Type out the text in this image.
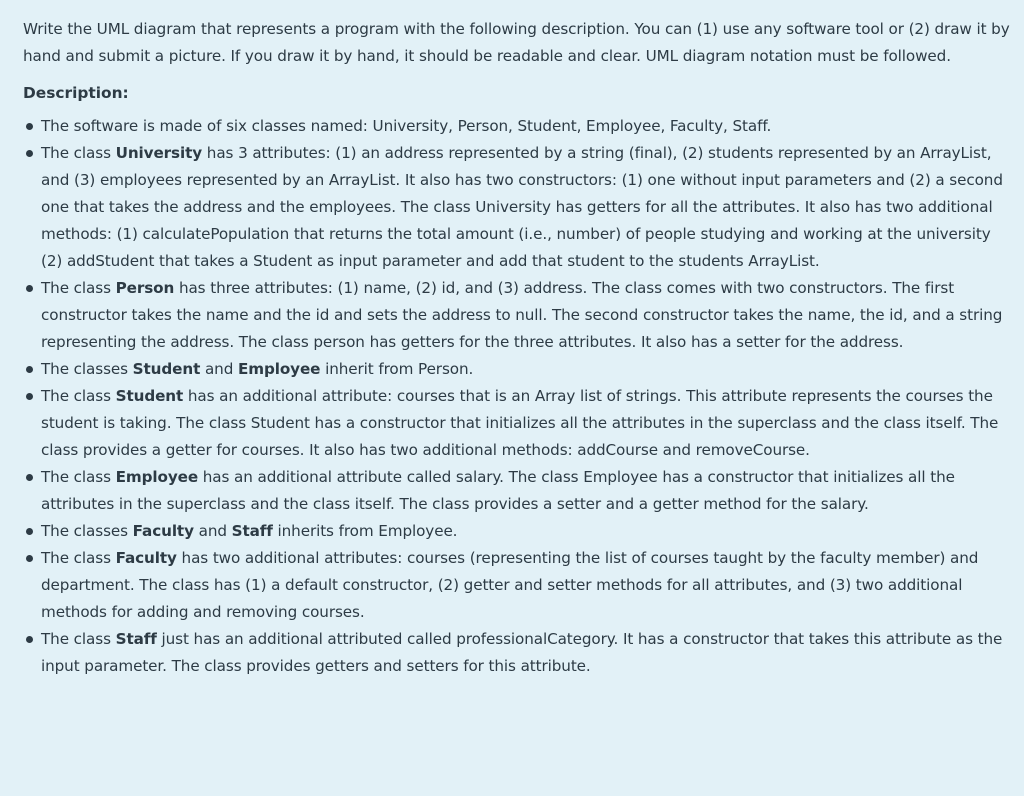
Write the UML diagram that represents a program with the following description. You can (1) use any software tool or (2) draw it by hand and submit a picture. If you draw it by hand, it should be readable and clear. UML diagram notation must be followed.

Description:
The software is made of six classes named: University, Person, Student, Employee, Faculty, Staff.
The class University has 3 attributes: (1) an address represented by a string (final), (2) students represented by an ArrayList, and (3) employees represented by an ArrayList. It also has two constructors: (1) one without input parameters and (2) a second one that takes the address and the employees. The class University has getters for all the attributes. It also has two additional methods: (1) calculatePopulation that returns the total amount (i.e., number) of people studying and working at the university (2) addStudent that takes a Student as input parameter and add that student to the students ArrayList.
The class Person has three attributes: (1) name, (2) id, and (3) address. The class comes with two constructors. The first constructor takes the name and the id and sets the address to null. The second constructor takes the name, the id, and a string representing the address. The class person has getters for the three attributes. It also has a setter for the address.
The classes Student and Employee inherit from Person.
The class Student has an additional attribute: courses that is an Array list of strings. This attribute represents the courses the student is taking. The class Student has a constructor that initializes all the attributes in the superclass and the class itself. The class provides a getter for courses. It also has two additional methods: addCourse and removeCourse.
The class Employee has an additional attribute called salary. The class Employee has a constructor that initializes all the attributes in the superclass and the class itself. The class provides a setter and a getter method for the salary.
The classes Faculty and Staff inherits from Employee.
The class Faculty has two additional attributes: courses (representing the list of courses taught by the faculty member) and department. The class has (1) a default constructor, (2) getter and setter methods for all attributes, and (3) two additional methods for adding and removing courses.
The class Staff just has an additional attributed called professionalCategory. It has a constructor that takes this attribute as the input parameter. The class provides getters and setters for this attribute.
